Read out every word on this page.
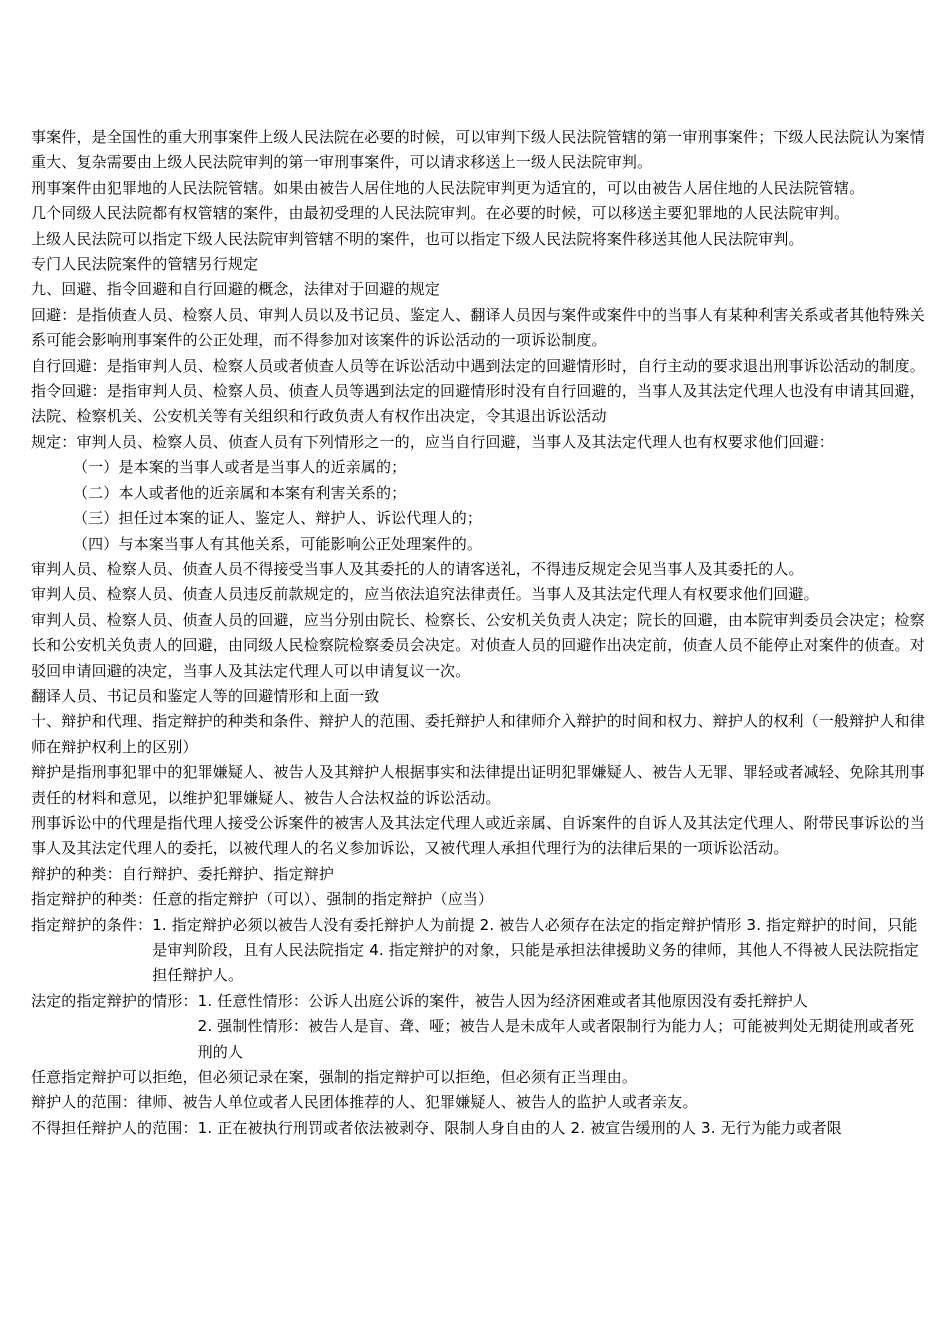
事案件，是全国性的重大刑事案件上级人民法院在必要的时候，可以审判下级人民法院管辖的第一审刑事案件；下级人民法院认为案情重大、复杂需要由上级人民法院审判的第一审刑事案件，可以请求移送上一级人民法院审判。

刑事案件由犯罪地的人民法院管辖。如果由被告人居住地的人民法院审判更为适宜的，可以由被告人居住地的人民法院管辖。

几个同级人民法院都有权管辖的案件，由最初受理的人民法院审判。在必要的时候，可以移送主要犯罪地的人民法院审判。

上级人民法院可以指定下级人民法院审判管辖不明的案件，也可以指定下级人民法院将案件移送其他人民法院审判。

专门人民法院案件的管辖另行规定

九、回避、指令回避和自行回避的概念，法律对于回避的规定

回避：是指侦查人员、检察人员、审判人员以及书记员、鉴定人、翻译人员因与案件或案件中的当事人有某种利害关系或者其他特殊关系可能会影响刑事案件的公正处理，而不得参加对该案件的诉讼活动的一项诉讼制度。

自行回避：是指审判人员、检察人员或者侦查人员等在诉讼活动中遇到法定的回避情形时，自行主动的要求退出刑事诉讼活动的制度。

指令回避：是指审判人员、检察人员、侦查人员等遇到法定的回避情形时没有自行回避的，当事人及其法定代理人也没有申请其回避，法院、检察机关、公安机关等有关组织和行政负责人有权作出决定，令其退出诉讼活动

规定：审判人员、检察人员、侦查人员有下列情形之一的，应当自行回避，当事人及其法定代理人也有权要求他们回避：

（一）是本案的当事人或者是当事人的近亲属的；

（二）本人或者他的近亲属和本案有利害关系的；

（三）担任过本案的证人、鉴定人、辩护人、诉讼代理人的；

（四）与本案当事人有其他关系，可能影响公正处理案件的。

审判人员、检察人员、侦查人员不得接受当事人及其委托的人的请客送礼，不得违反规定会见当事人及其委托的人。

审判人员、检察人员、侦查人员违反前款规定的，应当依法追究法律责任。当事人及其法定代理人有权要求他们回避。

审判人员、检察人员、侦查人员的回避，应当分别由院长、检察长、公安机关负责人决定；院长的回避，由本院审判委员会决定；检察长和公安机关负责人的回避，由同级人民检察院检察委员会决定。对侦查人员的回避作出决定前，侦查人员不能停止对案件的侦查。对驳回申请回避的决定，当事人及其法定代理人可以申请复议一次。

翻译人员、书记员和鉴定人等的回避情形和上面一致

十、辩护和代理、指定辩护的种类和条件、辩护人的范围、委托辩护人和律师介入辩护的时间和权力、辩护人的权利（一般辩护人和律师在辩护权利上的区别）

辩护是指刑事犯罪中的犯罪嫌疑人、被告人及其辩护人根据事实和法律提出证明犯罪嫌疑人、被告人无罪、罪轻或者减轻、免除其刑事责任的材料和意见，以维护犯罪嫌疑人、被告人合法权益的诉讼活动。

刑事诉讼中的代理是指代理人接受公诉案件的被害人及其法定代理人或近亲属、自诉案件的自诉人及其法定代理人、附带民事诉讼的当事人及其法定代理人的委托，以被代理人的名义参加诉讼，又被代理人承担代理行为的法律后果的一项诉讼活动。

辩护的种类：自行辩护、委托辩护、指定辩护

指定辩护的种类：任意的指定辩护（可以）、强制的指定辩护（应当）

指定辩护的条件： 1. 指定辩护必须以被告人没有委托辩护人为前提 2. 被告人必须存在法定的指定辩护情形 3. 指定辩护的时间，只能是审判阶段，且有人民法院指定 4. 指定辩护的对象，只能是承担法律援助义务的律师，其他人不得被人民法院指定担任辩护人。
法定的指定辩护的情形： 1. 任意性情形：公诉人出庭公诉的案件，被告人因为经济困难或者其他原因没有委托辩护人
2. 强制性情形：被告人是盲、聋、哑；被告人是未成年人或者限制行为能力人；可能被判处无期徒刑或者死刑的人

任意指定辩护可以拒绝，但必须记录在案，强制的指定辩护可以拒绝，但必须有正当理由。

辩护人的范围：律师、被告人单位或者人民团体推荐的人、犯罪嫌疑人、被告人的监护人或者亲友。

不得担任辩护人的范围： 1. 正在被执行刑罚或者依法被剥夺、限制人身自由的人 2. 被宣告缓刑的人 3. 无行为能力或者限
